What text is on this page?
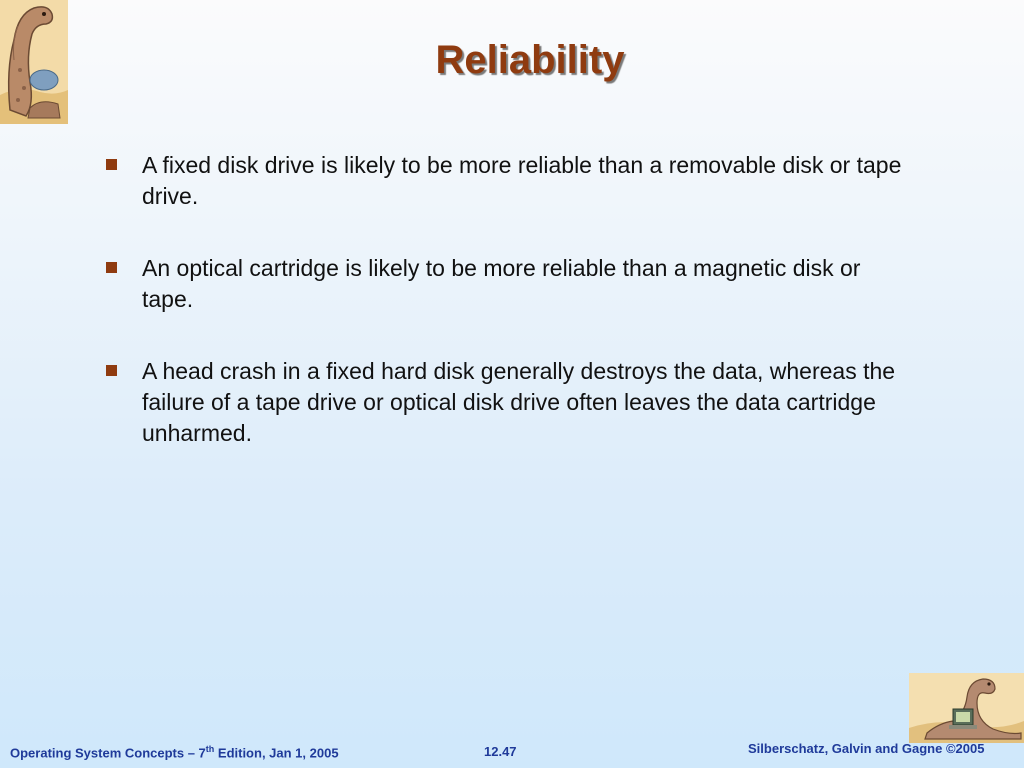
Reliability
A fixed disk drive is likely to be more reliable than a removable disk or tape drive.
An optical cartridge is likely to be more reliable than a magnetic disk or tape.
A head crash in a fixed hard disk generally destroys the data, whereas the failure of a tape drive or optical disk drive often leaves the data cartridge unharmed.
Operating System Concepts – 7th Edition, Jan 1, 2005	12.47	Silberschatz, Galvin and Gagne ©2005
